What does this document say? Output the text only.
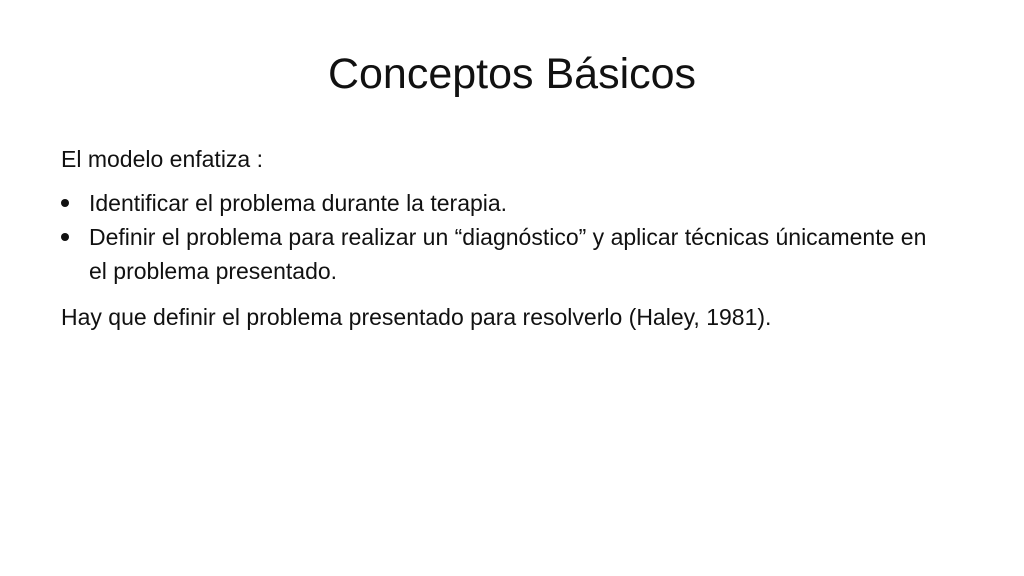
Conceptos Básicos

El modelo enfatiza :

Identificar el problema durante la terapia.
Definir el problema para realizar un “diagnóstico” y aplicar técnicas únicamente en el problema presentado.

Hay que definir el problema presentado para resolverlo (Haley, 1981).
